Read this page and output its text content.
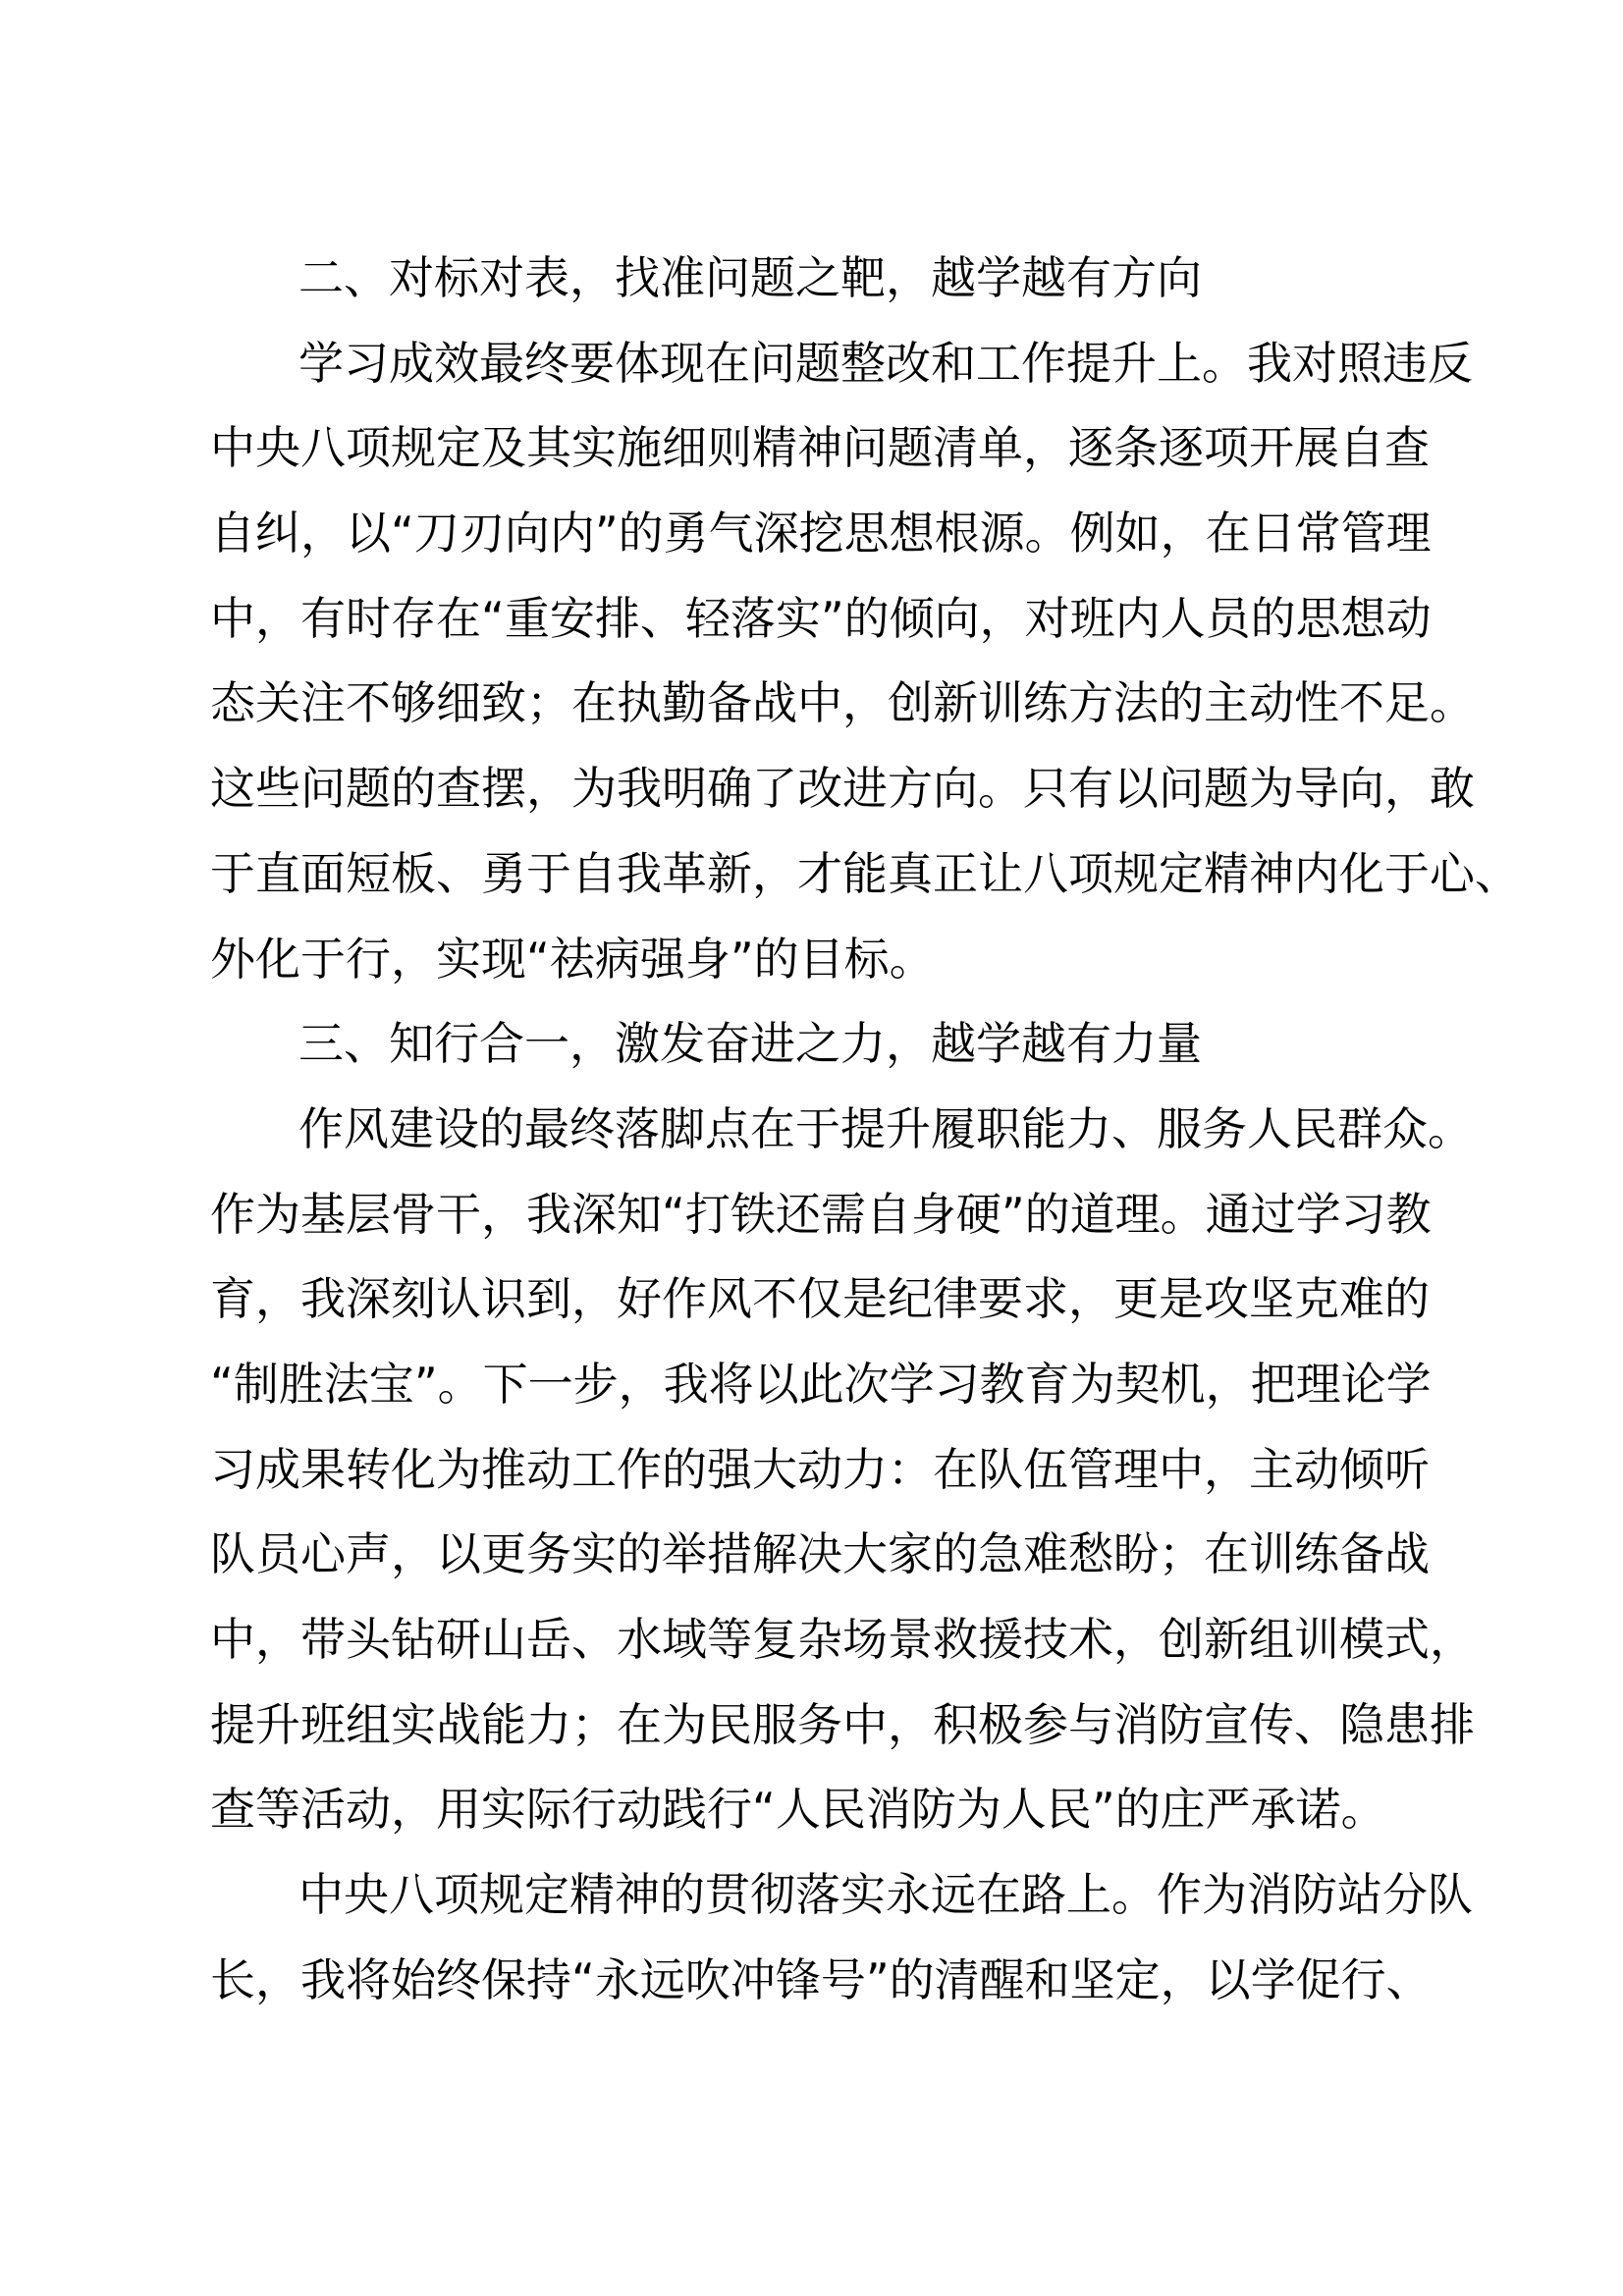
二、对标对表，找准问题之靶，越学越有方向
学习成效最终要体现在问题整改和工作提升上。我对照违反
中央八项规定及其实施细则精神问题清单，逐条逐项开展自查
自纠，以“刀刃向内”的勇气深挖思想根源。例如，在日常管理
中，有时存在“重安排、轻落实”的倾向，对班内人员的思想动
态关注不够细致；在执勤备战中，创新训练方法的主动性不足。
这些问题的查摆，为我明确了改进方向。只有以问题为导向，敢
于直面短板、勇于自我革新，才能真正让八项规定精神内化于心、
外化于行，实现“祛病强身”的目标。
三、知行合一，激发奋进之力，越学越有力量
作风建设的最终落脚点在于提升履职能力、服务人民群众。
作为基层骨干，我深知“打铁还需自身硬”的道理。通过学习教
育，我深刻认识到，好作风不仅是纪律要求，更是攻坚克难的
“制胜法宝”。下一步，我将以此次学习教育为契机，把理论学
习成果转化为推动工作的强大动力：在队伍管理中，主动倾听
队员心声，以更务实的举措解决大家的急难愁盼；在训练备战
中，带头钻研山岳、水域等复杂场景救援技术，创新组训模式，
提升班组实战能力；在为民服务中，积极参与消防宣传、隐患排
查等活动，用实际行动践行“人民消防为人民”的庄严承诺。
中央八项规定精神的贯彻落实永远在路上。作为消防站分队
长，我将始终保持“永远吹冲锋号”的清醒和坚定，以学促行、
